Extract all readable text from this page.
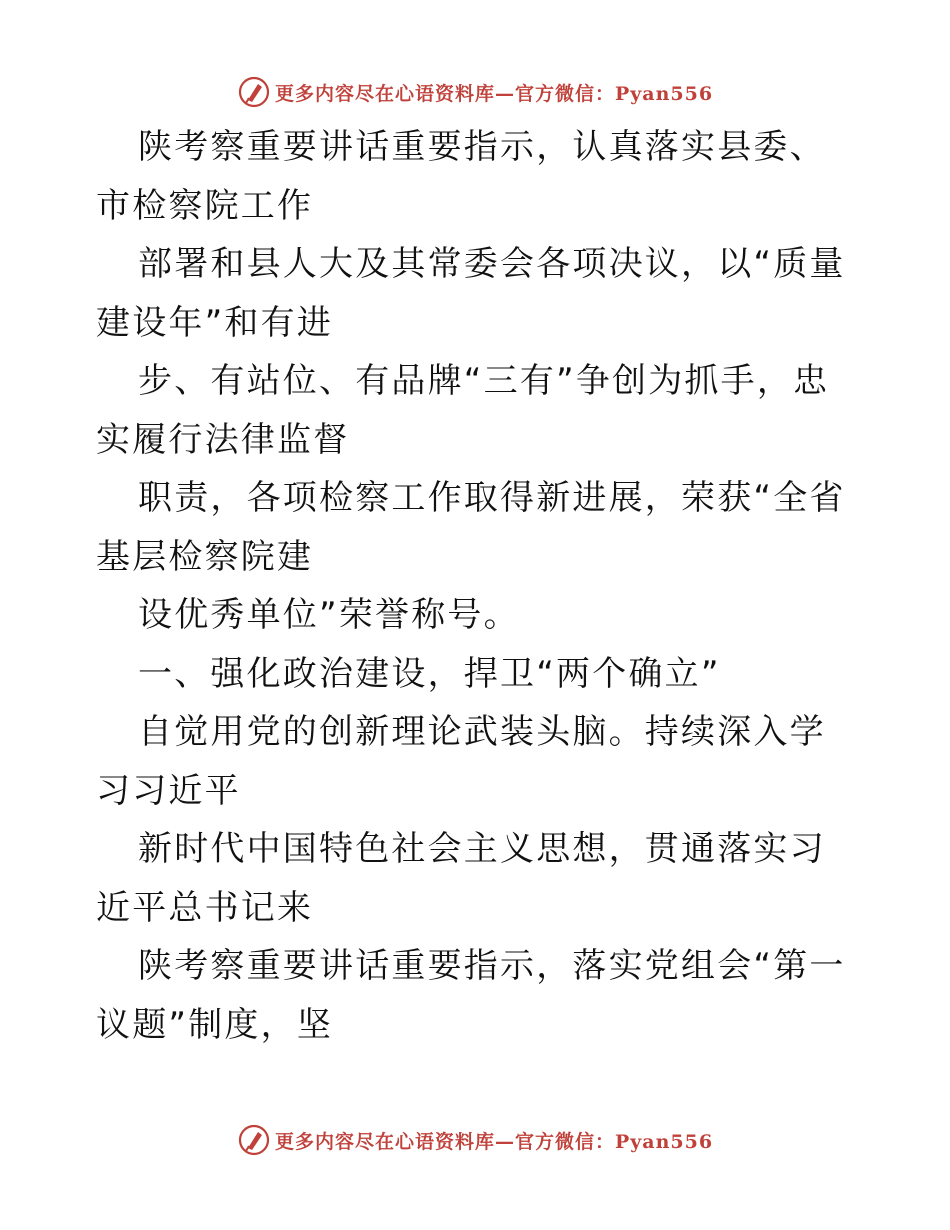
更多内容尽在心语资料库—官方微信：Pyan556

陕考察重要讲话重要指示，认真落实县委、市检察院工作

部署和县人大及其常委会各项决议，以“质量建设年”和有进

步、有站位、有品牌“三有”争创为抓手，忠实履行法律监督

职责，各项检察工作取得新进展，荣获“全省基层检察院建

设优秀单位”荣誉称号。

一、强化政治建设，捍卫“两个确立”

自觉用党的创新理论武装头脑。持续深入学习习近平

新时代中国特色社会主义思想，贯通落实习近平总书记来

陕考察重要讲话重要指示，落实党组会“第一议题”制度，坚

更多内容尽在心语资料库—官方微信：Pyan556
